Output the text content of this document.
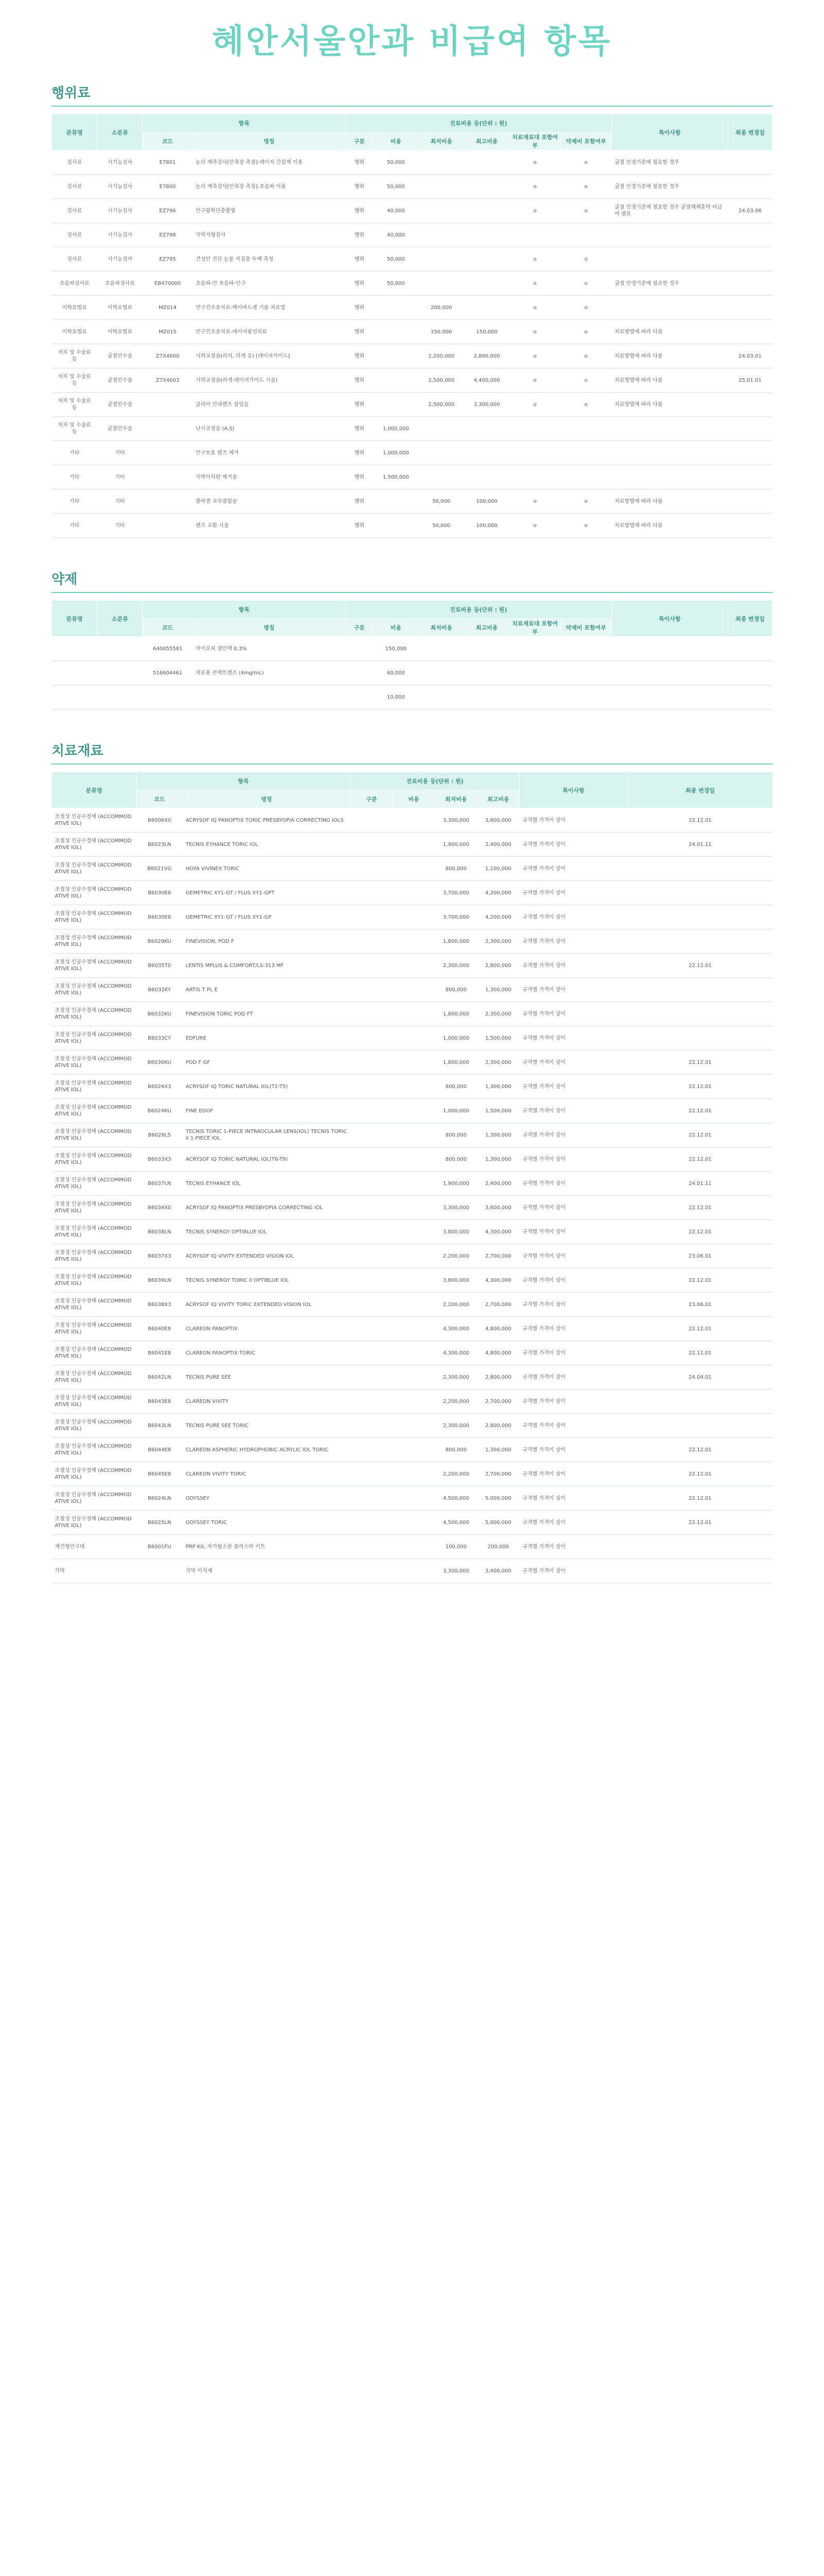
혜안서울안과 비급여 항목
행위료
분류명	소분류	항목		진료비용 등(단위 : 원)						특이사항	최종 변경일
		코드	명칭	구분	비용	최저비용	최고비용	치료재료대 포함여부	약제비 포함여부		
검사료	시기능검사	E7801	눈의 계측검사[안축장 측정]-레이저 간섭계 이용	행위	50,000			o	o	굴절 안경기준에 필요한 경우	
검사료	시기능검사	E7800	눈의 계측검사[안축장 측정]-초음파 이용	행위	50,000			o	o	굴절 안경기준에 필요한 경우	
검사료	시기능검사	EZ796	안구광학단층촬영	행위	40,000			o	o	굴절 안경기준에 필요한 경우 굴절매체혼탁 비급여 필요	24.03.06
검사료	시기능검사	EZ798	각막지형검사	행위	40,000						
검사료	시기능검사	EZ795	건성안 진단 눈물 지질층 두께 측정	행위	50,000			o	o		
초음파검사료	초음파검사료	EB470000	초음파-안 초음파-안구	행위	50,000			o	o	굴절 안경기준에 필요한 경우	
이학요법료	이학요법료	MZ014	안구건조증치료-메이바드샘 기름 치료법	행위		200,000		o	o		
이학요법료	이학요법료	MZ015	안구건조증치료-레이저광선치료	행위		150,000	150,000	o	o	치료방법에 따라 다름	
처치 및 수술료 등	굴절안수술	Z7X4000	시력교정술(라식, 라섹 등) [레이저가이드]	행위		2,200,000	2,800,000	o	o	치료방법에 따라 다름	24.03.01
처치 및 수술료 등	굴절안수술	Z7X4003	시력교정술(라섹·레이저가이드 시술)	행위		2,500,000	4,400,000	o	o	치료방법에 따라 다름	25.01.01
처치 및 수술료 등	굴절안수술		클리어 안내렌즈 삽입술	행위		2,500,000	3,300,000	o	o	치료방법에 따라 다름	
처치 및 수술료 등	굴절안수술		난시교정술 (A.S)	행위	1,000,000						
기타	기타		안구보호 렌즈 제거	행위	1,000,000						
기타	기타		각막이식편 제거술	행위	1,500,000						
기타	기타		콜라겐 교차결합술	행위		50,000	100,000	o	o	치료방법에 따라 다름	
기타	기타		렌즈 교환 시술	행위		50,000	100,000	o	o	치료방법에 따라 다름	
약제
분류명	소분류	항목		진료비용 등(단위 : 원)						특이사항	최종 변경일
		코드	명칭	구분	비용	최저비용	최고비용	치료재료대 포함여부	약제비 포함여부		
		A40055581	아이오피 점안액 0.3%		150,000						
		516604461	치료용 콘택트렌즈 (4mg/mL)		60,000						
					10,000						
치료재료
분류명	항목		진료비용 등(단위 : 원)				특이사항	최종 변경일
	코드	명칭	구분	비용	최저비용	최고비용		
조절성 인공수정체 (ACCOMMODATIVE IOL)	B6006X0	ACRYSOF IQ PANOPTIX TORIC PRESBYOPIA CORRECTING IOLS			3,300,000	3,600,000	규격별 가격이 상이	22.12.01
조절성 인공수정체 (ACCOMMODATIVE IOL)	B6023LN	TECNIS EYHANCE TORIC IOL			1,900,000	2,400,000	규격별 가격이 상이	24.01.11
조절성 인공수정체 (ACCOMMODATIVE IOL)	B6021VG	HOYA VIVINEX TORIC			800,000	1,100,000	규격별 가격이 상이	
조절성 인공수정체 (ACCOMMODATIVE IOL)	B6030E8	GEMETRIC XY1-GT / FLUS XY1-GPT			3,700,000	4,200,000	규격별 가격이 상이	
조절성 인공수정체 (ACCOMMODATIVE IOL)	B6030E8	GEMETRIC XY1-GT / FLUS XY1-GP			3,700,000	4,200,000	규격별 가격이 상이	
조절성 인공수정체 (ACCOMMODATIVE IOL)	B6029KU	FINEVISION, POD F			1,800,000	2,300,000	규격별 가격이 상이	
조절성 인공수정체 (ACCOMMODATIVE IOL)	B6035T0	LENTIS MPLUS & COMFORT/LS-313 MF			2,300,000	2,800,000	규격별 가격이 상이	22.12.01
조절성 인공수정체 (ACCOMMODATIVE IOL)	B6032KY	ARTIS T PL E			800,000	1,300,000	규격별 가격이 상이	
조절성 인공수정체 (ACCOMMODATIVE IOL)	B6032KU	FINEVISION TORIC POD FT			1,800,000	2,300,000	규격별 가격이 상이	
조절성 인공수정체 (ACCOMMODATIVE IOL)	B6033CY	EDFURE			1,000,000	1,500,000	규격별 가격이 상이	
조절성 인공수정체 (ACCOMMODATIVE IOL)	B6036KU	POD F GF			1,800,000	2,300,000	규격별 가격이 상이	22.12.01
조절성 인공수정체 (ACCOMMODATIVE IOL)	B6024X3	ACRYSOF IQ TORIC NATURAL IOL(T2-T5)			800,000	1,300,000	규격별 가격이 상이	22.12.01
조절성 인공수정체 (ACCOMMODATIVE IOL)	B6024KU	FINE EDOF			1,000,000	1,500,000	규격별 가격이 상이	22.12.01
조절성 인공수정체 (ACCOMMODATIVE IOL)	B6026L5	TECNIS TORIC 1-PIECE INTRAOCULAR LENS(IOL) TECNIS TORIC II 1-PIECE IOL			800,000	1,300,000	규격별 가격이 상이	22.12.01
조절성 인공수정체 (ACCOMMODATIVE IOL)	B6033X3	ACRYSOF IQ TORIC NATURAL IOL(T6-T9)			800,000	1,300,000	규격별 가격이 상이	22.12.01
조절성 인공수정체 (ACCOMMODATIVE IOL)	B6037LN	TECNIS EYHANCE IOL			1,900,000	2,400,000	규격별 가격이 상이	24.01.11
조절성 인공수정체 (ACCOMMODATIVE IOL)	B6034X0	ACRYSOF IQ PANOPTIX PRESBYOPIA CORRECTING IOL			3,300,000	3,600,000	규격별 가격이 상이	22.12.01
조절성 인공수정체 (ACCOMMODATIVE IOL)	B6038LN	TECNIS SYNERGY OPTIBLUE IOL			3,800,000	4,300,000	규격별 가격이 상이	22.12.01
조절성 인공수정체 (ACCOMMODATIVE IOL)	B6037X3	ACRYSOF IQ VIVITY EXTENDED VISION IOL			2,200,000	2,700,000	규격별 가격이 상이	23.06.01
조절성 인공수정체 (ACCOMMODATIVE IOL)	B6039LN	TECNIS SYNERGY TORIC II OPTIBLUE IOL			3,800,000	4,300,000	규격별 가격이 상이	22.12.01
조절성 인공수정체 (ACCOMMODATIVE IOL)	B6038X3	ACRYSOF IQ VIVITY TORIC EXTENDED VISION IOL			2,200,000	2,700,000	규격별 가격이 상이	23.06.01
조절성 인공수정체 (ACCOMMODATIVE IOL)	B6040E8	CLAREON PANOPTIX			4,300,000	4,800,000	규격별 가격이 상이	22.12.01
조절성 인공수정체 (ACCOMMODATIVE IOL)	B6041E8	CLAREON PANOPTIX TORIC			4,300,000	4,800,000	규격별 가격이 상이	22.12.01
조절성 인공수정체 (ACCOMMODATIVE IOL)	B6042LN	TECNIS PURE SEE			2,300,000	2,800,000	규격별 가격이 상이	24.04.01
조절성 인공수정체 (ACCOMMODATIVE IOL)	B6043E8	CLAREON VIVITY			2,200,000	2,700,000	규격별 가격이 상이	
조절성 인공수정체 (ACCOMMODATIVE IOL)	B6043LN	TECNIS PURE SEE TORIC			2,300,000	2,800,000	규격별 가격이 상이	
조절성 인공수정체 (ACCOMMODATIVE IOL)	B6044E8	CLAREON ASPHERIC HYDROPHOBIC ACRYLIC IOL TORIC			800,000	1,300,000	규격별 가격이 상이	22.12.01
조절성 인공수정체 (ACCOMMODATIVE IOL)	B6045E8	CLAREON VIVITY TORIC			2,200,000	2,700,000	규격별 가격이 상이	22.12.01
조절성 인공수정체 (ACCOMMODATIVE IOL)	B6024LN	ODYSSEY			4,500,000	5,000,000	규격별 가격이 상이	22.12.01
조절성 인공수정체 (ACCOMMODATIVE IOL)	B6025LN	ODYSSEY TORIC			4,500,000	5,000,000	규격별 가격이 상이	22.12.01
재건형안구대	B6001FU	PRP Kit, 자가혈소판 플라스마 키트			100,000	200,000	규격별 가격이 상이	
각막		각막 이식재			3,300,000	3,400,000	규격별 가격이 상이	
